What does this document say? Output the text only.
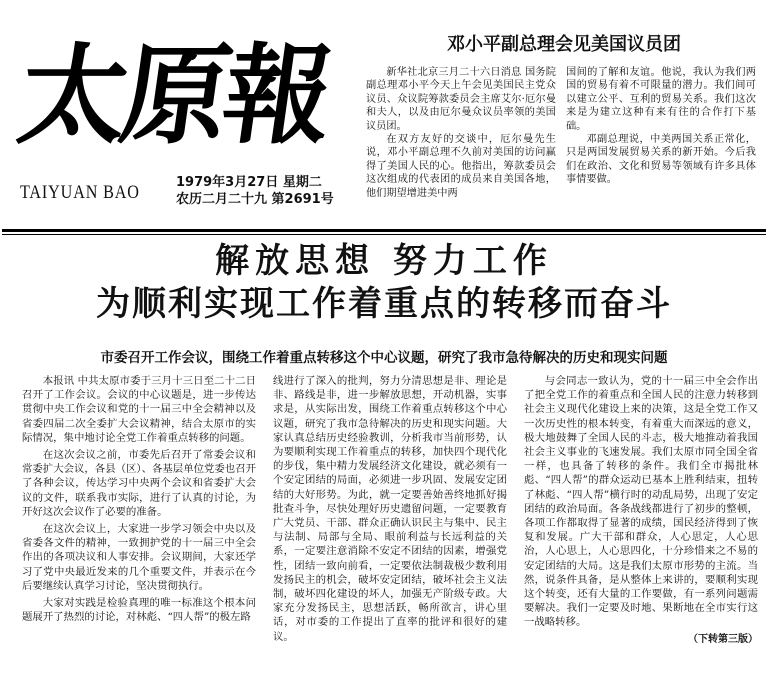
太原報
TAIYUAN BAO	1979年3月27日 星期二
农历二月二十九 第2691号
邓小平副总理会见美国议员团

新华社北京三月二十六日消息 国务院副总理邓小平今天上午会见美国民主党众议员、众议院筹款委员会主席艾尔·厄尔曼和夫人，以及由厄尔曼众议员率领的美国议员团。

在双方友好的交谈中，厄尔曼先生说，邓小平副总理不久前对美国的访问赢得了美国人民的心。他指出，筹款委员会这次组成的代表团的成员来自美国各地，他们期望增进美中两

国间的了解和友谊。他说，我认为我们两国的贸易有着不可限量的潜力。我们间可以建立公平、互利的贸易关系。我们这次来是为建立这种有来有往的合作打下基础。

邓副总理说，中美两国关系正常化，只是两国发展贸易关系的新开始。今后我们在政治、文化和贸易等领域有许多具体事情要做。

解放思想 努力工作
为顺利实现工作着重点的转移而奋斗
市委召开工作会议，围绕工作着重点转移这个中心议题，研究了我市急待解决的历史和现实问题

本报讯 中共太原市委于三月十三日至二十二日召开了工作会议。会议的中心议题是，进一步传达贯彻中央工作会议和党的十一届三中全会精神以及省委四届二次全委扩大会议精神，结合太原市的实际情况，集中地讨论全党工作着重点转移的问题。

在这次会议之前，市委先后召开了常委会议和常委扩大会议，各县（区）、各基层单位党委也召开了各种会议，传达学习中央两个会议和省委扩大会议的文件，联系我市实际，进行了认真的讨论，为开好这次会议作了必要的准备。

在这次会议上，大家进一步学习领会中央以及省委各文件的精神，一致拥护党的十一届三中全会作出的各项决议和人事安排。会议期间，大家还学习了党中央最近发来的几个重要文件，并表示在今后要继续认真学习讨论，坚决贯彻执行。

大家对实践是检验真理的唯一标准这个根本问题展开了热烈的讨论，对林彪、“四人帮”的极左路

线进行了深入的批判，努力分清思想是非、理论是非、路线是非，进一步解放思想，开动机器，实事求是，从实际出发，围绕工作着重点转移这个中心议题，研究了我市急待解决的历史和现实问题。大家认真总结历史经验教训，分析我市当前形势，认为要顺利实现工作着重点的转移，加快四个现代化的步伐，集中精力发展经济文化建设，就必须有一个安定团结的局面，必须进一步巩固、发展安定团结的大好形势。为此，就一定要善始善终地抓好揭批查斗争，尽快处理好历史遗留问题，一定要教育广大党员、干部、群众正确认识民主与集中、民主与法制、局部与全局、眼前利益与长远利益的关系，一定要注意消除不安定不团结的因素，增强党性，团结一致向前看，一定要依法制裁极少数利用发扬民主的机会，破坏安定团结，破坏社会主义法制，破坏四化建设的坏人，加强无产阶级专政。大家充分发扬民主，思想活跃，畅所欲言，讲心里话，对市委的工作提出了直率的批评和很好的建议。

与会同志一致认为，党的十一届三中全会作出了把全党工作的着重点和全国人民的注意力转移到社会主义现代化建设上来的决策，这是全党工作又一次历史性的根本转变，有着重大而深远的意义，极大地鼓舞了全国人民的斗志，极大地推动着我国社会主义事业的飞速发展。我们太原市同全国全省一样，也具备了转移的条件。我们全市揭批林彪、“四人帮”的群众运动已基本上胜利结束，扭转了林彪、“四人帮”横行时的动乱局势，出现了安定团结的政治局面。各条战线都进行了初步的整顿，各项工作都取得了显著的成绩，国民经济得到了恢复和发展。广大干部和群众，人心思定，人心思治，人心思上，人心思四化，十分珍惜来之不易的安定团结的大局。这是我们太原市形势的主流。当然，说条件具备，是从整体上来讲的，要顺利实现这个转变，还有大量的工作要做，有一系列问题需要解决。我们一定要及时地、果断地在全市实行这一战略转移。

（下转第三版）
